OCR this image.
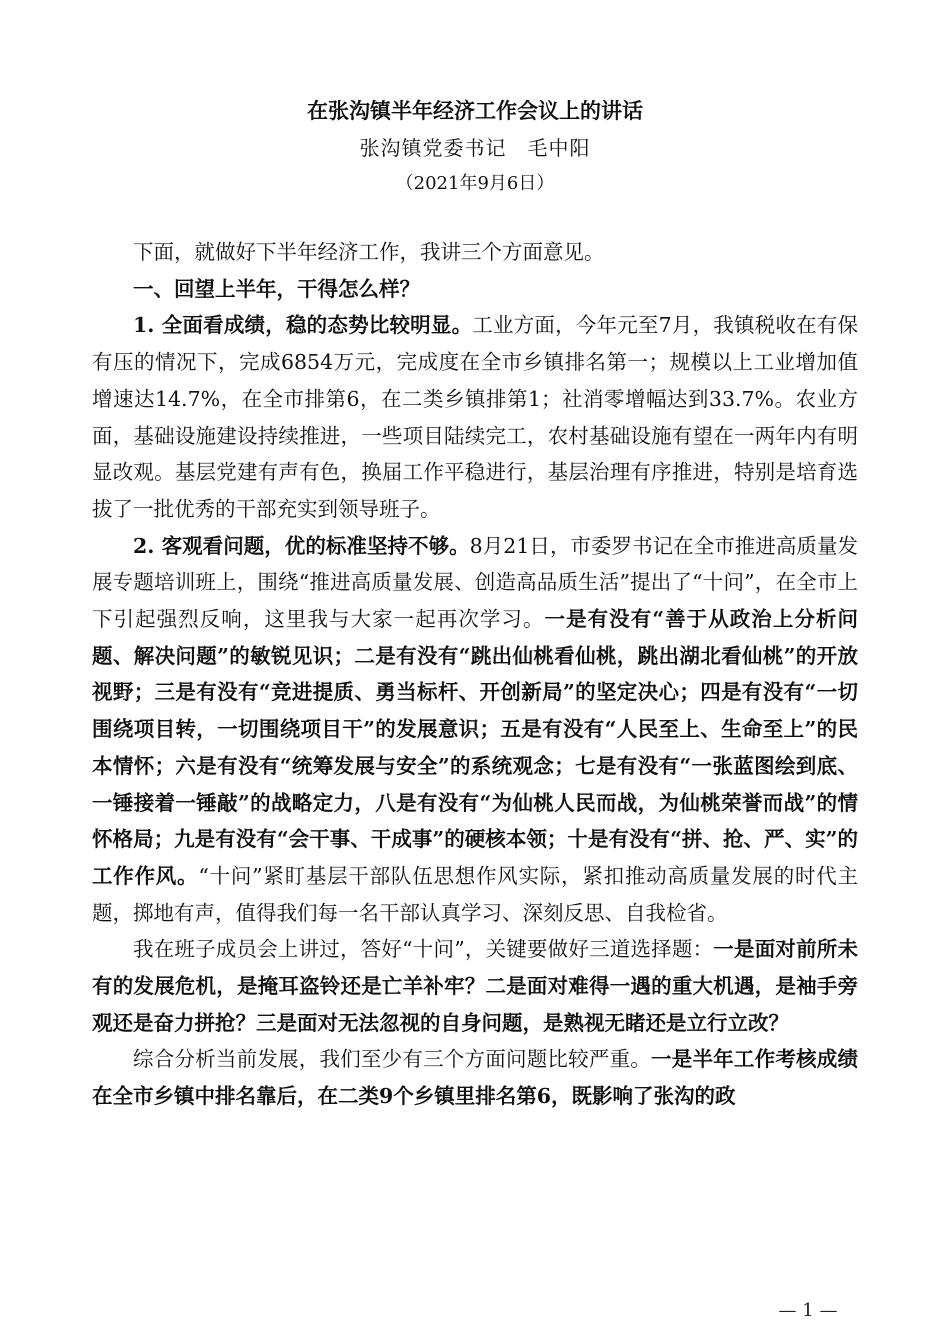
在张沟镇半年经济工作会议上的讲话
张沟镇党委书记　毛中阳
（2021年9月6日）

下面，就做好下半年经济工作，我讲三个方面意见。

一、回望上半年，干得怎么样？

1. 全面看成绩，稳的态势比较明显。工业方面，今年元至7月，我镇税收在有保有压的情况下，完成6854万元，完成度在全市乡镇排名第一；规模以上工业增加值增速达14.7%，在全市排第6，在二类乡镇排第1；社消零增幅达到33.7%。农业方面，基础设施建设持续推进，一些项目陆续完工，农村基础设施有望在一两年内有明显改观。基层党建有声有色，换届工作平稳进行，基层治理有序推进，特别是培育选拔了一批优秀的干部充实到领导班子。

2. 客观看问题，优的标准坚持不够。8月21日，市委罗书记在全市推进高质量发展专题培训班上，围绕“推进高质量发展、创造高品质生活”提出了“十问”，在全市上下引起强烈反响，这里我与大家一起再次学习。一是有没有“善于从政治上分析问题、解决问题”的敏锐见识；二是有没有“跳出仙桃看仙桃，跳出湖北看仙桃”的开放视野；三是有没有“竞进提质、勇当标杆、开创新局”的坚定决心；四是有没有“一切围绕项目转，一切围绕项目干”的发展意识；五是有没有“人民至上、生命至上”的民本情怀；六是有没有“统筹发展与安全”的系统观念；七是有没有“一张蓝图绘到底、一锤接着一锤敲”的战略定力，八是有没有“为仙桃人民而战，为仙桃荣誉而战”的情怀格局；九是有没有“会干事、干成事”的硬核本领；十是有没有“拼、抢、严、实”的工作作风。“十问”紧盯基层干部队伍思想作风实际，紧扣推动高质量发展的时代主题，掷地有声，值得我们每一名干部认真学习、深刻反思、自我检省。

我在班子成员会上讲过，答好“十问”，关键要做好三道选择题：一是面对前所未有的发展危机，是掩耳盗铃还是亡羊补牢？二是面对难得一遇的重大机遇，是袖手旁观还是奋力拼抢？三是面对无法忽视的自身问题，是熟视无睹还是立行立改？

综合分析当前发展，我们至少有三个方面问题比较严重。一是半年工作考核成绩在全市乡镇中排名靠后，在二类9个乡镇里排名第6，既影响了张沟的政

— 1 —
